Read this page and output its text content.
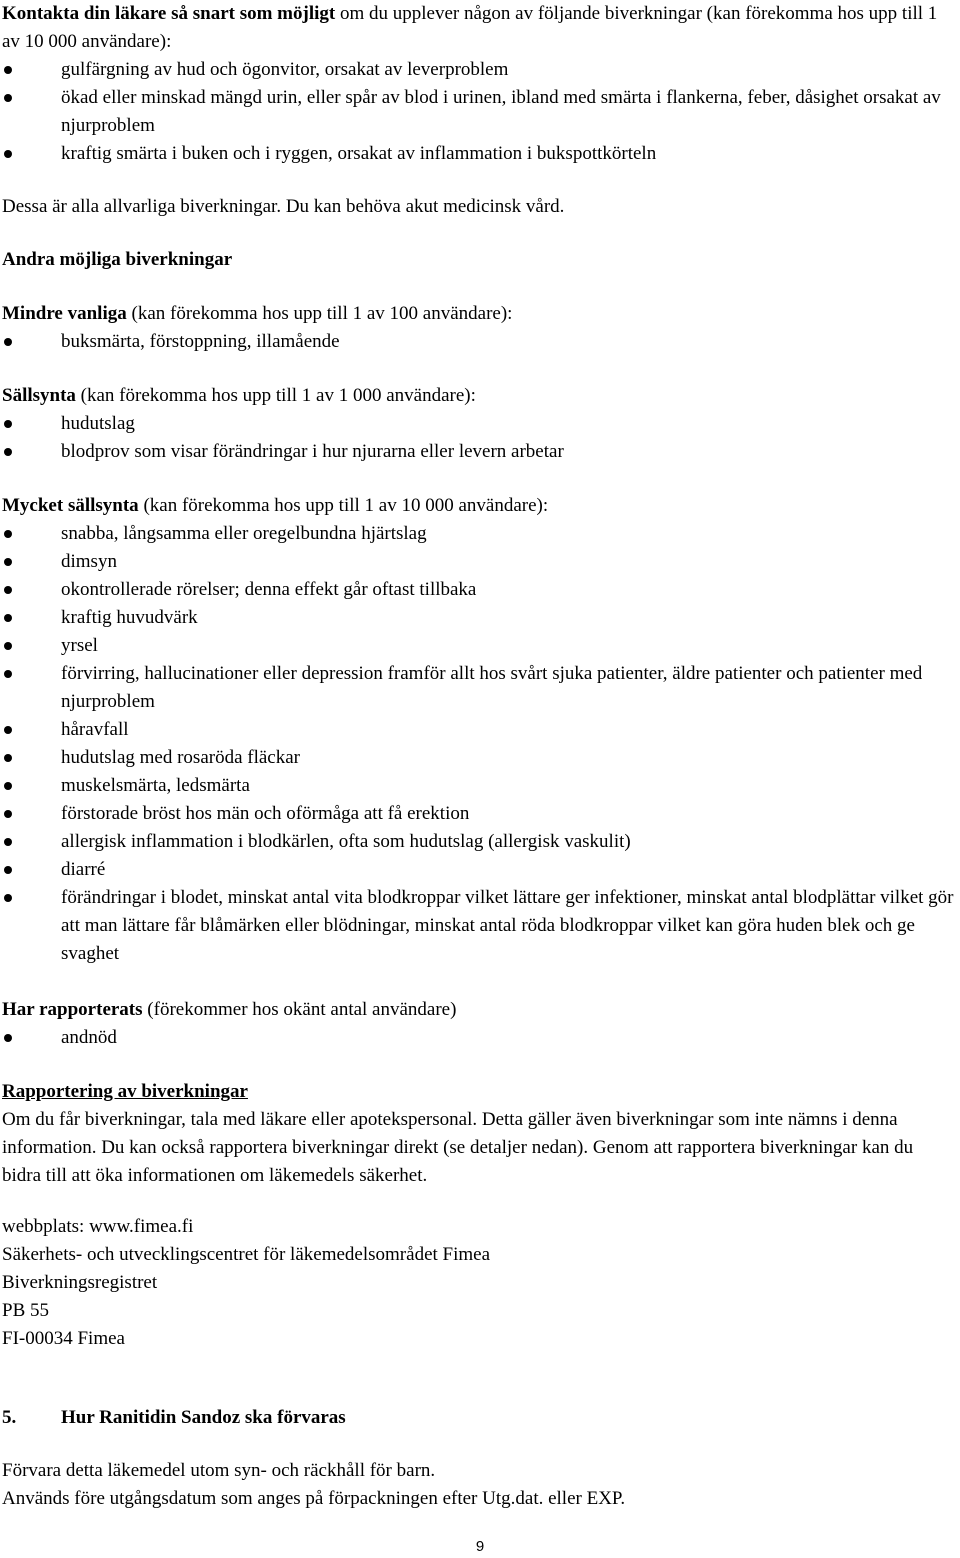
Kontakta din läkare så snart som möjligt om du upplever någon av följande biverkningar (kan förekomma hos upp till 1 av 10 000 användare):

gulfärgning av hud och ögonvitor, orsakat av leverproblem
ökad eller minskad mängd urin, eller spår av blod i urinen, ibland med smärta i flankerna, feber, dåsighet orsakat av njurproblem
kraftig smärta i buken och i ryggen, orsakat av inflammation i bukspottkörteln
Dessa är alla allvarliga biverkningar. Du kan behöva akut medicinsk vård.
Andra möjliga biverkningar

Mindre vanliga (kan förekomma hos upp till 1 av 100 användare):

buksmärta, förstoppning, illamående

Sällsynta (kan förekomma hos upp till 1 av 1 000 användare):

hudutslag
blodprov som visar förändringar i hur njurarna eller levern arbetar

Mycket sällsynta (kan förekomma hos upp till 1 av 10 000 användare):

snabba, långsamma eller oregelbundna hjärtslag
dimsyn
okontrollerade rörelser; denna effekt går oftast tillbaka
kraftig huvudvärk
yrsel
förvirring, hallucinationer eller depression framför allt hos svårt sjuka patienter, äldre patienter och patienter med njurproblem
håravfall
hudutslag med rosaröda fläckar
muskelsmärta, ledsmärta
förstorade bröst hos män och oförmåga att få erektion
allergisk inflammation i blodkärlen, ofta som hudutslag (allergisk vaskulit)
diarré
förändringar i blodet, minskat antal vita blodkroppar vilket lättare ger infektioner, minskat antal blodplättar vilket gör att man lättare får blåmärken eller blödningar, minskat antal röda blodkroppar vilket kan göra huden blek och ge svaghet

Har rapporterats (förekommer hos okänt antal användare)

andnöd

Rapportering av biverkningar

Om du får biverkningar, tala med läkare eller apotekspersonal. Detta gäller även biverkningar som inte nämns i denna information. Du kan också rapportera biverkningar direkt (se detaljer nedan). Genom att rapportera biverkningar kan du bidra till att öka informationen om läkemedels säkerhet.

webbplats: www.fimea.fi

Säkerhets- och utvecklingscentret för läkemedelsområdet Fimea

Biverkningsregistret

PB 55

FI-00034 Fimea

5. Hur Ranitidin Sandoz ska förvaras

Förvara detta läkemedel utom syn- och räckhåll för barn.

Används före utgångsdatum som anges på förpackningen efter Utg.dat. eller EXP.

9
